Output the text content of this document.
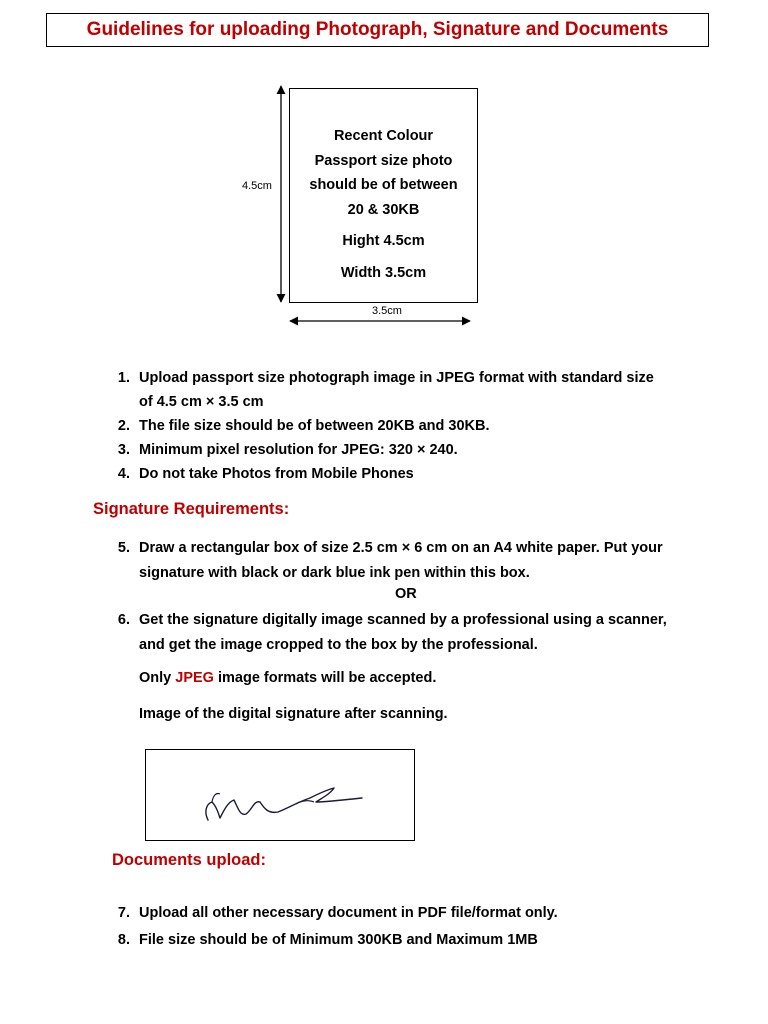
Guidelines for uploading Photograph, Signature and Documents
4.5cm
3.5cm
Recent Colour
Passport size photo
should be of between
20 & 30KB
Hight 4.5cm
Width 3.5cm
1. Upload passport size photograph image in JPEG format with standard size of 4.5 cm × 3.5 cm
2. The file size should be of between 20KB and 30KB.
3. Minimum pixel resolution for JPEG: 320 × 240.
4. Do not take Photos from Mobile Phones
Signature Requirements:
5. Draw a rectangular box of size 2.5 cm × 6 cm on an A4 white paper. Put your signature with black or dark blue ink pen within this box.
OR
6. Get the signature digitally image scanned by a professional using a scanner, and get the image cropped to the box by the professional.
Only JPEG image formats will be accepted.
Image of the digital signature after scanning.
Documents upload:
7. Upload all other necessary document in PDF file/format only.
8. File size should be of Minimum 300KB and Maximum 1MB
